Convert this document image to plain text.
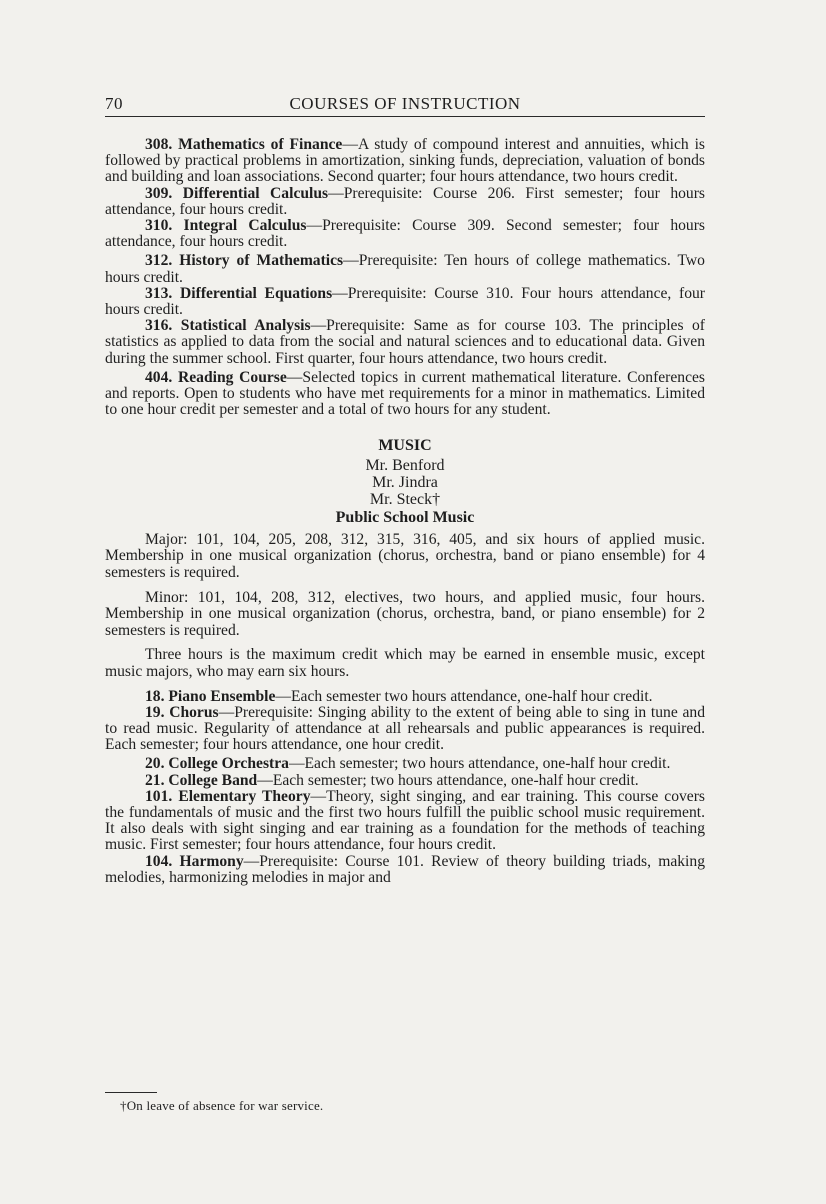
70	COURSES OF INSTRUCTION

308. Mathematics of Finance—A study of compound interest and annuities, which is followed by practical problems in amortization, sinking funds, depreciation, valuation of bonds and building and loan associations. Second quarter; four hours attendance, two hours credit.

309. Differential Calculus—Prerequisite: Course 206. First semester; four hours attendance, four hours credit.

310. Integral Calculus—Prerequisite: Course 309. Second semester; four hours attendance, four hours credit.

312. History of Mathematics—Prerequisite: Ten hours of college mathematics. Two hours credit.

313. Differential Equations—Prerequisite: Course 310. Four hours attendance, four hours credit.

316. Statistical Analysis—Prerequisite: Same as for course 103. The principles of statistics as applied to data from the social and natural sciences and to educational data. Given during the summer school. First quarter, four hours attendance, two hours credit.

404. Reading Course—Selected topics in current mathematical literature. Conferences and reports. Open to students who have met requirements for a minor in mathematics. Limited to one hour credit per semester and a total of two hours for any student.

MUSIC
Mr. Benford
Mr. Jindra
Mr. Steck†
Public School Music

Major: 101, 104, 205, 208, 312, 315, 316, 405, and six hours of applied music. Membership in one musical organization (chorus, orchestra, band or piano ensemble) for 4 semesters is required.

Minor: 101, 104, 208, 312, electives, two hours, and applied music, four hours. Membership in one musical organization (chorus, orchestra, band, or piano ensemble) for 2 semesters is required.

Three hours is the maximum credit which may be earned in ensemble music, except music majors, who may earn six hours.

18. Piano Ensemble—Each semester two hours attendance, one-half hour credit.

19. Chorus—Prerequisite: Singing ability to the extent of being able to sing in tune and to read music. Regularity of attendance at all rehearsals and public appearances is required. Each semester; four hours attendance, one hour credit.

20. College Orchestra—Each semester; two hours attendance, one-half hour credit.

21. College Band—Each semester; two hours attendance, one-half hour credit.

101. Elementary Theory—Theory, sight singing, and ear training. This course covers the fundamentals of music and the first two hours fulfill the puiblic school music requirement. It also deals with sight singing and ear training as a foundation for the methods of teaching music. First semester; four hours attendance, four hours credit.

104. Harmony—Prerequisite: Course 101. Review of theory building triads, making melodies, harmonizing melodies in major and

†On leave of absence for war service.
